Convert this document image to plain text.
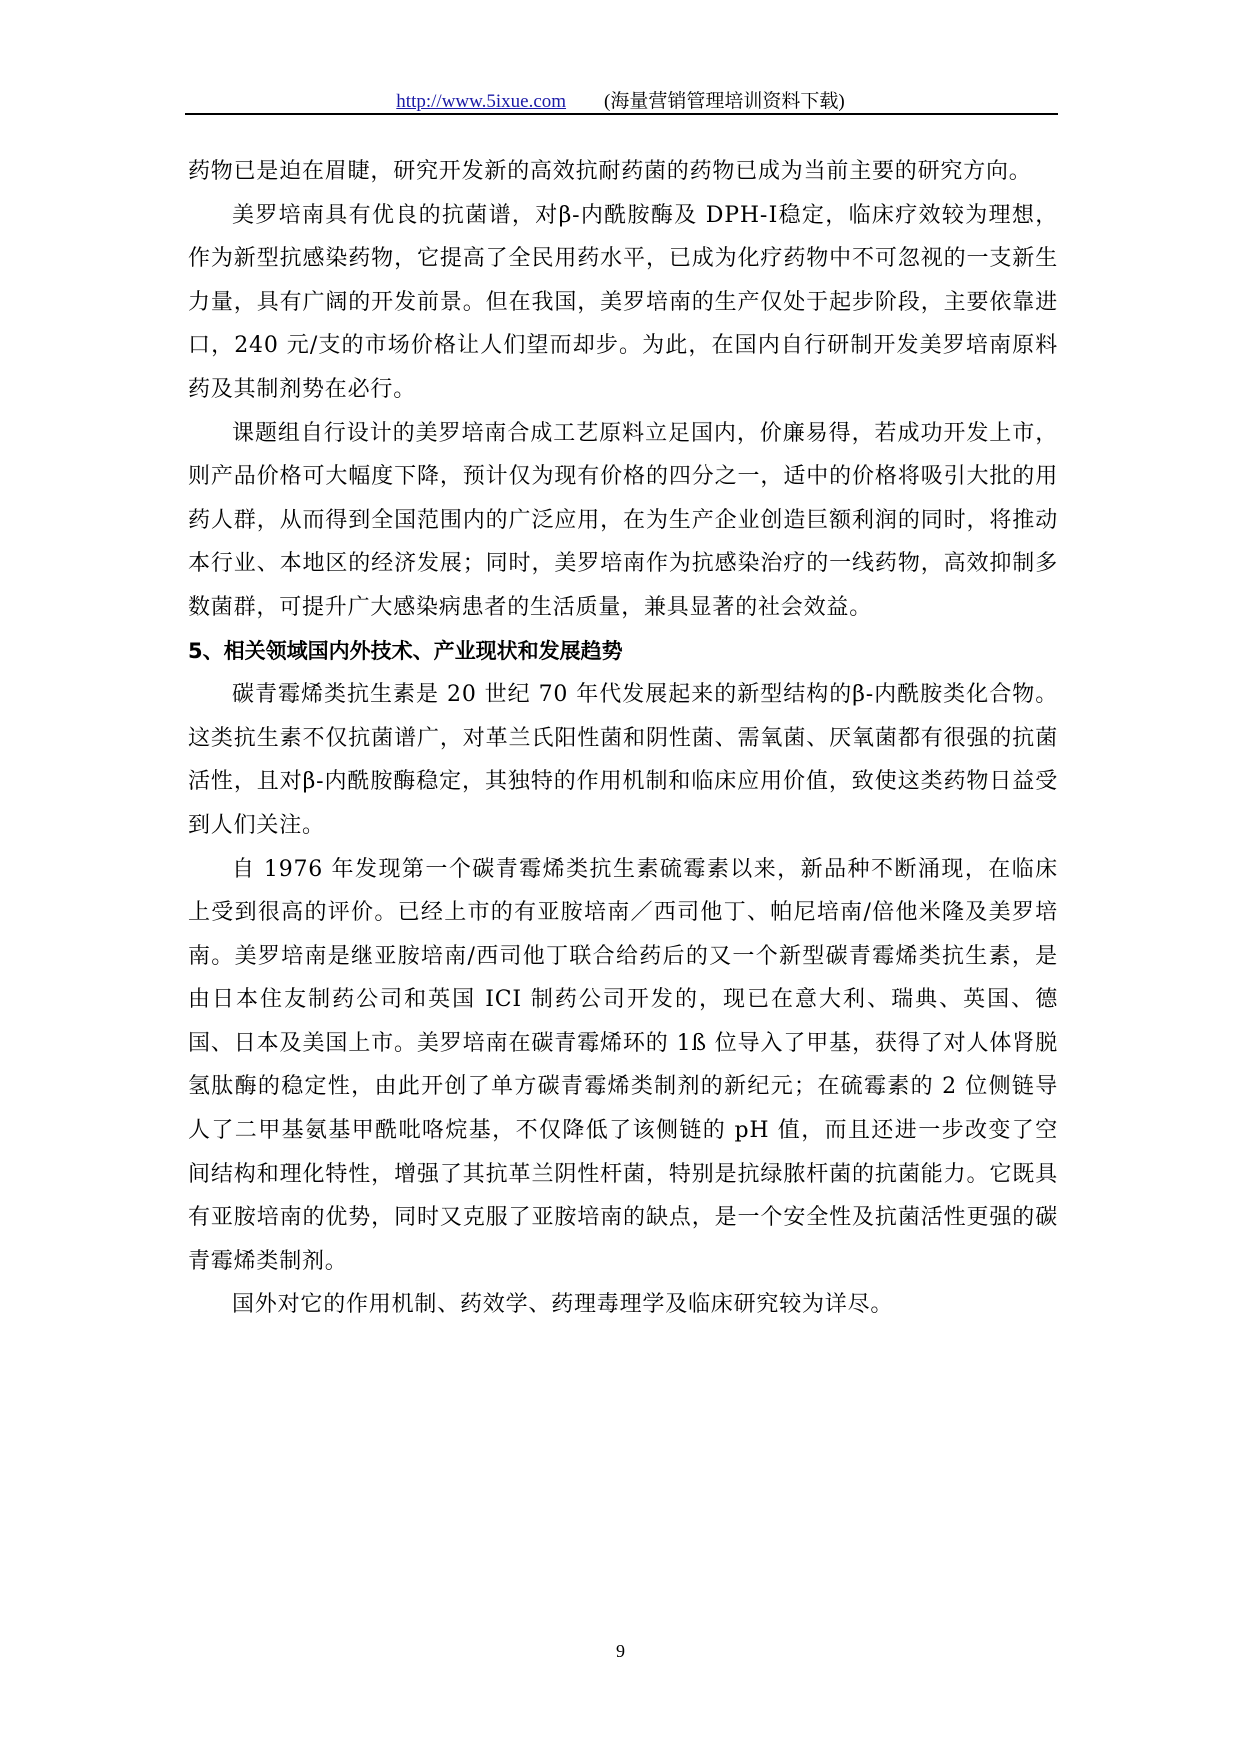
http://www.5ixue.com (海量营销管理培训资料下载)

药物已是迫在眉睫，研究开发新的高效抗耐药菌的药物已成为当前主要的研究方向。

美罗培南具有优良的抗菌谱，对β-内酰胺酶及 DPH-Ⅰ稳定，临床疗效较为理想，作为新型抗感染药物，它提高了全民用药水平，已成为化疗药物中不可忽视的一支新生力量，具有广阔的开发前景。但在我国，美罗培南的生产仅处于起步阶段，主要依靠进口，240 元/支的市场价格让人们望而却步。为此，在国内自行研制开发美罗培南原料药及其制剂势在必行。

课题组自行设计的美罗培南合成工艺原料立足国内，价廉易得，若成功开发上市，则产品价格可大幅度下降，预计仅为现有价格的四分之一，适中的价格将吸引大批的用药人群，从而得到全国范围内的广泛应用，在为生产企业创造巨额利润的同时，将推动本行业、本地区的经济发展；同时，美罗培南作为抗感染治疗的一线药物，高效抑制多数菌群，可提升广大感染病患者的生活质量，兼具显著的社会效益。

5、相关领域国内外技术、产业现状和发展趋势

碳青霉烯类抗生素是 20 世纪 70 年代发展起来的新型结构的β-内酰胺类化合物。这类抗生素不仅抗菌谱广，对革兰氏阳性菌和阴性菌、需氧菌、厌氧菌都有很强的抗菌活性，且对β-内酰胺酶稳定，其独特的作用机制和临床应用价值，致使这类药物日益受到人们关注。

自 1976 年发现第一个碳青霉烯类抗生素硫霉素以来，新品种不断涌现，在临床上受到很高的评价。已经上市的有亚胺培南／西司他丁、帕尼培南/倍他米隆及美罗培南。美罗培南是继亚胺培南/西司他丁联合给药后的又一个新型碳青霉烯类抗生素，是由日本住友制药公司和英国 ICI 制药公司开发的，现已在意大利、瑞典、英国、德国、日本及美国上市。美罗培南在碳青霉烯环的 1ß 位导入了甲基，获得了对人体肾脱氢肽酶的稳定性，由此开创了单方碳青霉烯类制剂的新纪元；在硫霉素的 2 位侧链导人了二甲基氨基甲酰吡咯烷基，不仅降低了该侧链的 pH 值，而且还进一步改变了空间结构和理化特性，增强了其抗革兰阴性杆菌，特别是抗绿脓杆菌的抗菌能力。它既具有亚胺培南的优势，同时又克服了亚胺培南的缺点，是一个安全性及抗菌活性更强的碳青霉烯类制剂。

国外对它的作用机制、药效学、药理毒理学及临床研究较为详尽。

9
